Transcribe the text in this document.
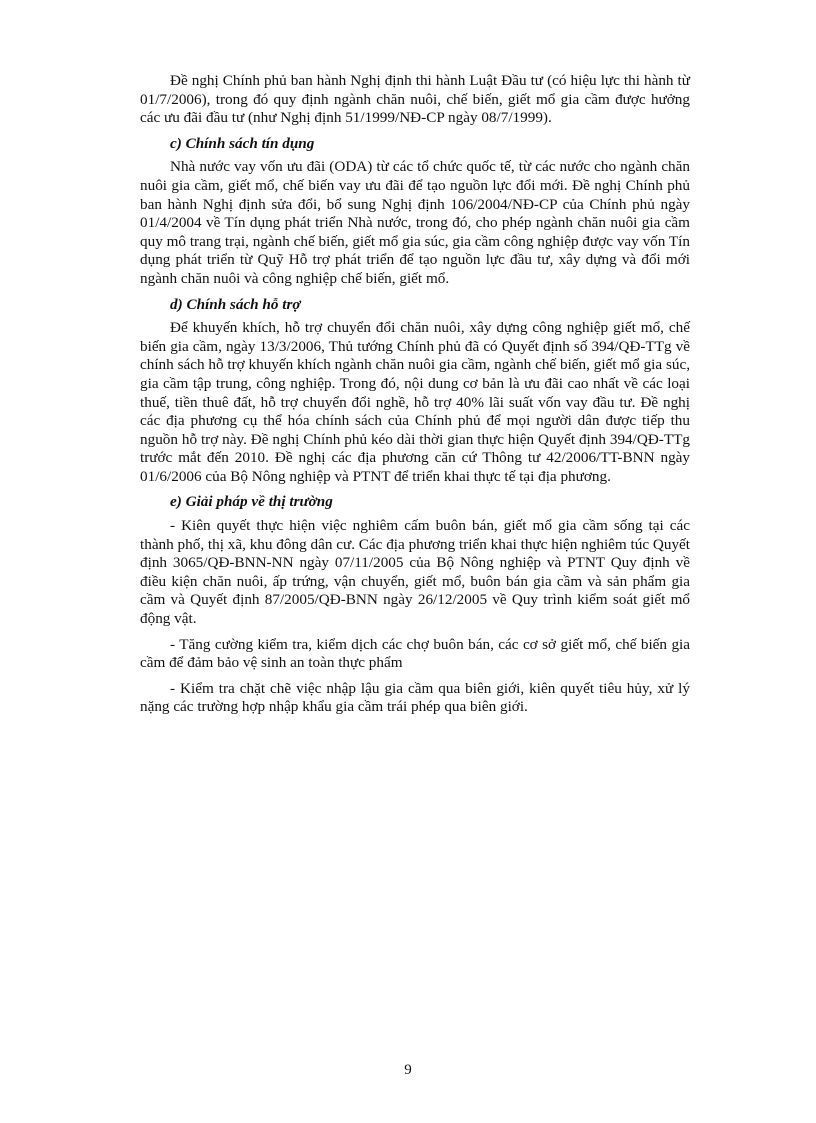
Đề nghị Chính phủ ban hành Nghị định thi hành Luật Đầu tư (có hiệu lực thi hành từ 01/7/2006), trong đó quy định ngành chăn nuôi, chế biến, giết mổ gia cầm được hưởng các ưu đãi đầu tư (như Nghị định 51/1999/NĐ-CP ngày 08/7/1999).

c) Chính sách tín dụng

Nhà nước vay vốn ưu đãi (ODA) từ các tổ chức quốc tế, từ các nước cho ngành chăn nuôi gia cầm, giết mổ, chế biến vay ưu đãi để tạo nguồn lực đổi mới. Đề nghị Chính phủ ban hành Nghị định sửa đổi, bổ sung Nghị định 106/2004/NĐ-CP của Chính phủ ngày 01/4/2004 về Tín dụng phát triển Nhà nước, trong đó, cho phép ngành chăn nuôi gia cầm quy mô trang trại, ngành chế biến, giết mổ gia súc, gia cầm công nghiệp được vay vốn Tín dụng phát triển từ Quỹ Hỗ trợ phát triển để tạo nguồn lực đầu tư, xây dựng và đổi mới ngành chăn nuôi và công nghiệp chế biến, giết mổ.

d) Chính sách hỗ trợ

Để khuyến khích, hỗ trợ chuyển đổi chăn nuôi, xây dựng công nghiệp giết mổ, chế biến gia cầm, ngày 13/3/2006, Thủ tướng Chính phủ đã có Quyết định số 394/QĐ-TTg về chính sách hỗ trợ khuyến khích ngành chăn nuôi gia cầm, ngành chế biến, giết mổ gia súc, gia cầm tập trung, công nghiệp. Trong đó, nội dung cơ bản là ưu đãi cao nhất về các loại thuế, tiền thuê đất, hỗ trợ chuyển đổi nghề, hỗ trợ 40% lãi suất vốn vay đầu tư. Đề nghị các địa phương cụ thể hóa chính sách của Chính phủ để mọi người dân được tiếp thu nguồn hỗ trợ này. Đề nghị Chính phủ kéo dài thời gian thực hiện Quyết định 394/QĐ-TTg trước mắt đến 2010. Đề nghị các địa phương căn cứ Thông tư 42/2006/TT-BNN ngày 01/6/2006 của Bộ Nông nghiệp và PTNT để triển khai thực tế tại địa phương.

e) Giải pháp về thị trường

- Kiên quyết thực hiện việc nghiêm cấm buôn bán, giết mổ gia cầm sống tại các thành phố, thị xã, khu đông dân cư. Các địa phương triển khai thực hiện nghiêm túc Quyết định 3065/QĐ-BNN-NN ngày 07/11/2005 của Bộ Nông nghiệp và PTNT Quy định về điều kiện chăn nuôi, ấp trứng, vận chuyển, giết mổ, buôn bán gia cầm và sản phẩm gia cầm và Quyết định 87/2005/QĐ-BNN ngày 26/12/2005 về Quy trình kiểm soát giết mổ động vật.

- Tăng cường kiểm tra, kiểm dịch các chợ buôn bán, các cơ sở giết mổ, chế biến gia cầm để đảm bảo vệ sinh an toàn thực phẩm

- Kiểm tra chặt chẽ việc nhập lậu gia cầm qua biên giới, kiên quyết tiêu hủy, xử lý nặng các trường hợp nhập khẩu gia cầm trái phép qua biên giới.

9
